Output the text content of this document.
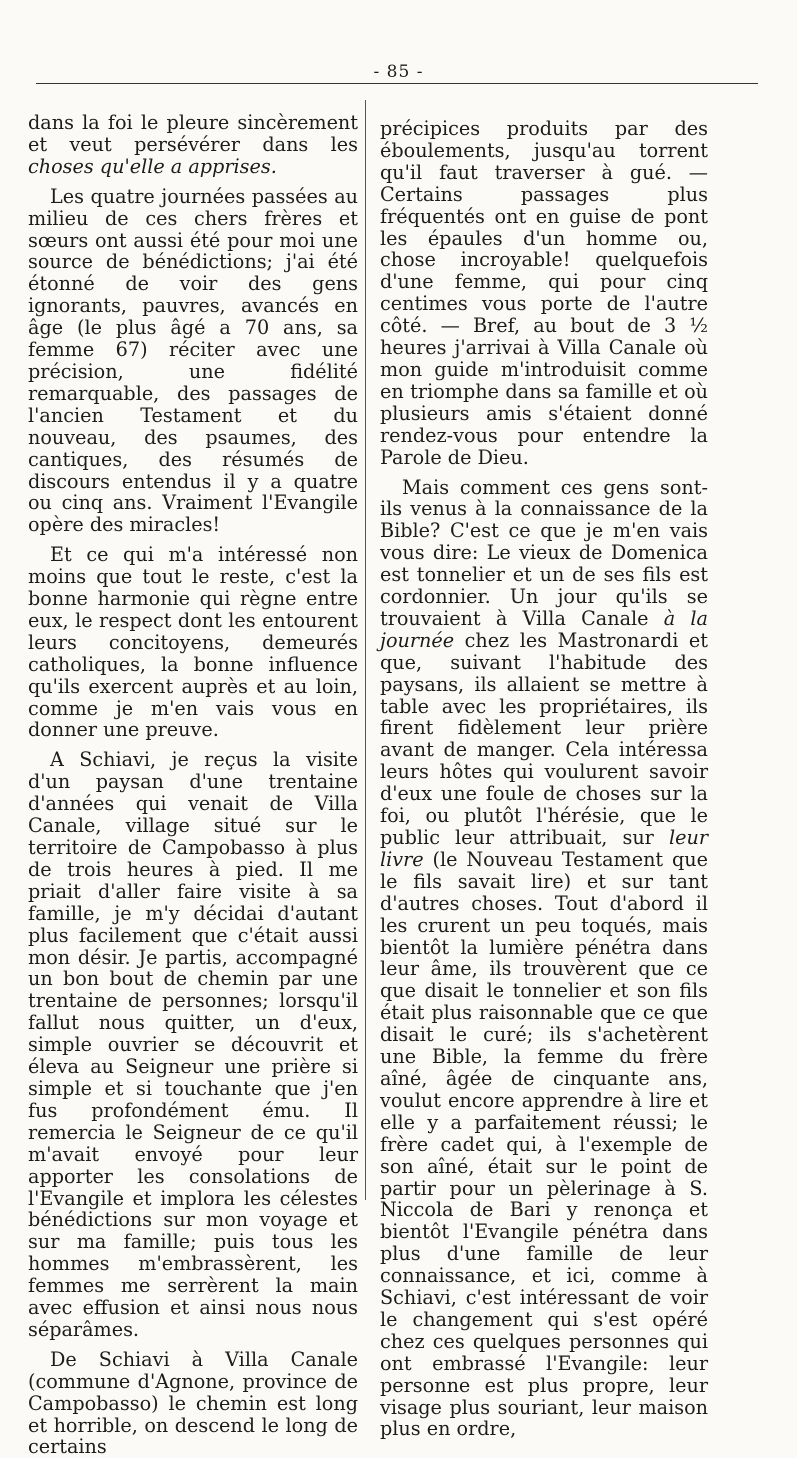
- 85 -

dans la foi le pleure sincèrement et veut persévérer dans les choses qu'elle a apprises.

Les quatre journées passées au milieu de ces chers frères et sœurs ont aussi été pour moi une source de bénédictions; j'ai été étonné de voir des gens ignorants, pauvres, avancés en âge (le plus âgé a 70 ans, sa femme 67) réciter avec une précision, une fidélité remarquable, des passages de l'ancien Testament et du nouveau, des psaumes, des cantiques, des résumés de discours entendus il y a quatre ou cinq ans. Vraiment l'Evangile opère des miracles!

Et ce qui m'a intéressé non moins que tout le reste, c'est la bonne harmonie qui règne entre eux, le respect dont les entourent leurs concitoyens, demeurés catholiques, la bonne influence qu'ils exercent auprès et au loin, comme je m'en vais vous en donner une preuve.

A Schiavi, je reçus la visite d'un paysan d'une trentaine d'années qui venait de Villa Canale, village situé sur le territoire de Campobasso à plus de trois heures à pied. Il me priait d'aller faire visite à sa famille, je m'y décidai d'autant plus facilement que c'était aussi mon désir. Je partis, accompagné un bon bout de chemin par une trentaine de personnes; lorsqu'il fallut nous quitter, un d'eux, simple ouvrier se découvrit et éleva au Seigneur une prière si simple et si touchante que j'en fus profondément ému. Il remercia le Seigneur de ce qu'il m'avait envoyé pour leur apporter les consolations de l'Evangile et implora les célestes bénédictions sur mon voyage et sur ma famille; puis tous les hommes m'embrassèrent, les femmes me serrèrent la main avec effusion et ainsi nous nous séparâmes.

De Schiavi à Villa Canale (commune d'Agnone, province de Campobasso) le chemin est long et horrible, on descend le long de certains

précipices produits par des éboulements, jusqu'au torrent qu'il faut traverser à gué. — Certains passages plus fréquentés ont en guise de pont les épaules d'un homme ou, chose incroyable! quelquefois d'une femme, qui pour cinq centimes vous porte de l'autre côté. — Bref, au bout de 3 ½ heures j'arrivai à Villa Canale où mon guide m'introduisit comme en triomphe dans sa famille et où plusieurs amis s'étaient donné rendez-vous pour entendre la Parole de Dieu.

Mais comment ces gens sont-ils venus à la connaissance de la Bible? C'est ce que je m'en vais vous dire: Le vieux de Domenica est tonnelier et un de ses fils est cordonnier. Un jour qu'ils se trouvaient à Villa Canale à la journée chez les Mastronardi et que, suivant l'habitude des paysans, ils allaient se mettre à table avec les propriétaires, ils firent fidèlement leur prière avant de manger. Cela intéressa leurs hôtes qui voulurent savoir d'eux une foule de choses sur la foi, ou plutôt l'hérésie, que le public leur attribuait, sur leur livre (le Nouveau Testament que le fils savait lire) et sur tant d'autres choses. Tout d'abord il les crurent un peu toqués, mais bientôt la lumière pénétra dans leur âme, ils trouvèrent que ce que disait le tonnelier et son fils était plus raisonnable que ce que disait le curé; ils s'achetèrent une Bible, la femme du frère aîné, âgée de cinquante ans, voulut encore apprendre à lire et elle y a parfaitement réussi; le frère cadet qui, à l'exemple de son aîné, était sur le point de partir pour un pèlerinage à S. Niccola de Bari y renonça et bientôt l'Evangile pénétra dans plus d'une famille de leur connaissance, et ici, comme à Schiavi, c'est intéressant de voir le changement qui s'est opéré chez ces quelques personnes qui ont embrassé l'Evangile: leur personne est plus propre, leur visage plus souriant, leur maison plus en ordre,
